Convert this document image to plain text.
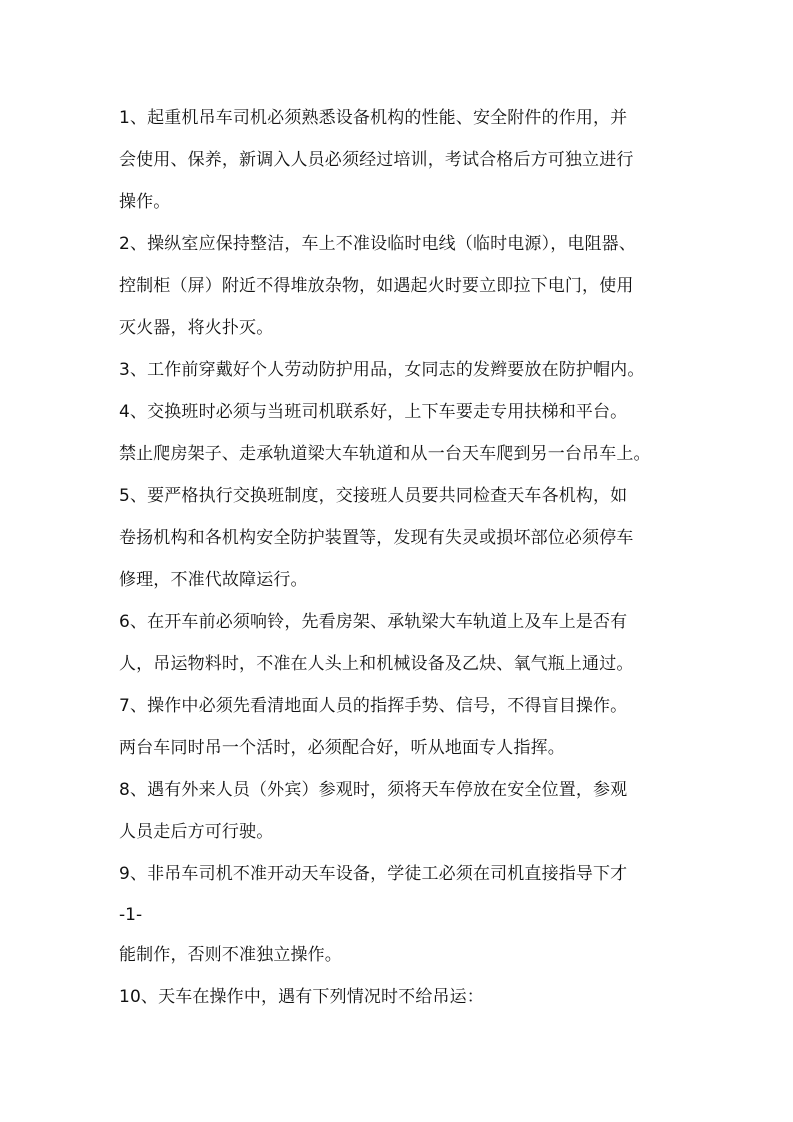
1、起重机吊车司机必须熟悉设备机构的性能、安全附件的作用，并
会使用、保养，新调入人员必须经过培训，考试合格后方可独立进行
操作。
2、操纵室应保持整洁，车上不准设临时电线（临时电源），电阻器、
控制柜（屏）附近不得堆放杂物，如遇起火时要立即拉下电门，使用
灭火器，将火扑灭。
3、工作前穿戴好个人劳动防护用品，女同志的发辫要放在防护帽内。
4、交换班时必须与当班司机联系好，上下车要走专用扶梯和平台。
禁止爬房架子、走承轨道梁大车轨道和从一台天车爬到另一台吊车上。
5、要严格执行交换班制度，交接班人员要共同检查天车各机构，如
卷扬机构和各机构安全防护装置等，发现有失灵或损坏部位必须停车
修理，不准代故障运行。
6、在开车前必须响铃，先看房架、承轨梁大车轨道上及车上是否有
人，吊运物料时，不准在人头上和机械设备及乙炔、氧气瓶上通过。
7、操作中必须先看清地面人员的指挥手势、信号，不得盲目操作。
两台车同时吊一个活时，必须配合好，听从地面专人指挥。
8、遇有外来人员（外宾）参观时，须将天车停放在安全位置，参观
人员走后方可行驶。
9、非吊车司机不准开动天车设备，学徒工必须在司机直接指导下才
-1-
能制作，否则不准独立操作。
10、天车在操作中，遇有下列情况时不给吊运：
